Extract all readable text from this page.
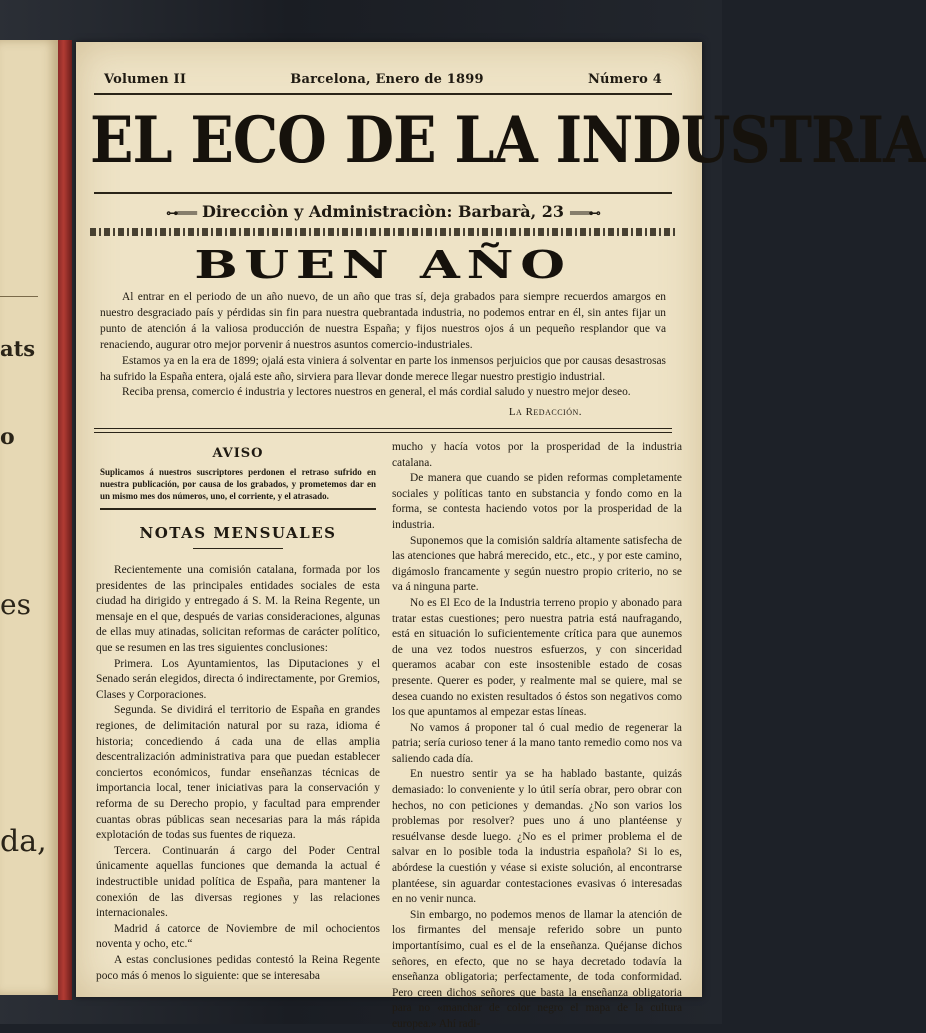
ats
o
es
da,
Volumen II	Barcelona, Enero de 1899	Número 4
EL ECO DE LA INDUSTRIA
⊶═══ Direcciòn y Administraciòn: Barbarà, 23 ═══⊷
BUEN AÑO

Al entrar en el periodo de un año nuevo, de un año que tras sí, deja grabados para siempre recuerdos amargos en nuestro desgraciado país y pérdidas sin fin para nuestra quebrantada industria, no podemos entrar en él, sin antes fijar un punto de atención á la valiosa producción de nuestra España; y fijos nuestros ojos á un pequeño resplandor que va renaciendo, augurar otro mejor porvenir á nuestros asuntos comercio-industriales.

Estamos ya en la era de 1899; ojalá esta viniera á solventar en parte los inmensos perjuicios que por causas desastrosas ha sufrido la España entera, ojalá este año, sirviera para llevar donde merece llegar nuestro prestigio industrial.

Reciba prensa, comercio é industria y lectores nuestros en general, el más cordial saludo y nuestro mejor deseo.

La Redacción.
AVISO
Suplicamos á nuestros suscriptores perdonen el retraso sufrido en nuestra publicación, por causa de los grabados, y prometemos dar en un mismo mes dos números, uno, el corriente, y el atrasado.
NOTAS MENSUALES

Recientemente una comisión catalana, formada por los presidentes de las principales entidades sociales de esta ciudad ha dirigido y entregado á S. M. la Reina Regente, un mensaje en el que, después de varias consideraciones, algunas de ellas muy atinadas, solicitan reformas de carácter político, que se resumen en las tres siguientes conclusiones:

Primera. Los Ayuntamientos, las Diputaciones y el Senado serán elegidos, directa ó indirectamente, por Gremios, Clases y Corporaciones.

Segunda. Se dividirá el territorio de España en grandes regiones, de delimitación natural por su raza, idioma é historia; concediendo á cada una de ellas amplia descentralización administrativa para que puedan establecer conciertos económicos, fundar enseñanzas técnicas de importancia local, tener iniciativas para la conservación y reforma de su Derecho propio, y facultad para emprender cuantas obras públicas sean necesarias para la más rápida explotación de todas sus fuentes de riqueza.

Tercera. Continuarán á cargo del Poder Central únicamente aquellas funciones que demanda la actual é indestructible unidad política de España, para mantener la conexión de las diversas regiones y las relaciones internacionales.

Madrid á catorce de Noviembre de mil ochocientos noventa y ocho, etc.“

A estas conclusiones pedidas contestó la Reina Regente poco más ó menos lo siguiente: que se interesaba

mucho y hacía votos por la prosperidad de la industria catalana.

De manera que cuando se piden reformas completamente sociales y políticas tanto en substancia y fondo como en la forma, se contesta haciendo votos por la prosperidad de la industria.

Suponemos que la comisión saldría altamente satisfecha de las atenciones que habrá merecido, etc., etc., y por este camino, digámoslo francamente y según nuestro propio criterio, no se va á ninguna parte.

No es El Eco de la Industria terreno propio y abonado para tratar estas cuestiones; pero nuestra patria está naufragando, está en situación lo suficientemente crítica para que aunemos de una vez todos nuestros esfuerzos, y con sinceridad queramos acabar con este insostenible estado de cosas presente. Querer es poder, y realmente mal se quiere, mal se desea cuando no existen resultados ó éstos son negativos como los que apuntamos al empezar estas líneas.

No vamos á proponer tal ó cual medio de regenerar la patria; sería curioso tener á la mano tanto remedio como nos va saliendo cada día.

En nuestro sentir ya se ha hablado bastante, quizás demasiado: lo conveniente y lo útil sería obrar, pero obrar con hechos, no con peticiones y demandas. ¿No son varios los problemas por resolver? pues uno á uno plantéense y resuélvanse desde luego. ¿No es el primer problema el de salvar en lo posible toda la industria española? Si lo es, abórdese la cuestión y véase si existe solución, al encontrarse plantéese, sin aguardar contestaciones evasivas ó interesadas en no venir nunca.

Sin embargo, no podemos menos de llamar la atención de los firmantes del mensaje referido sobre un punto importantísimo, cual es el de la enseñanza. Quéjanse dichos señores, en efecto, que no se haya decretado todavía la enseñanza obligatoria; perfectamente, de toda conformidad. Pero creen dichos señores que basta la enseñanza obligatoria para no «manchar de color negro el mapa de la cultura europea.» Ahí radi-
